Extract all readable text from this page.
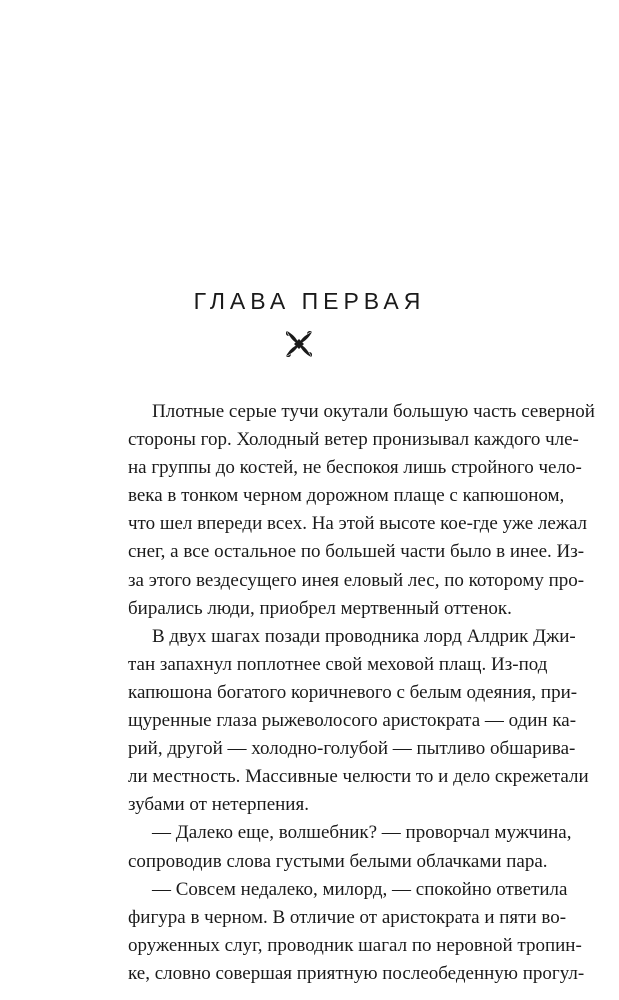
ГЛАВА ПЕРВАЯ
Плотные серые тучи окутали большую часть северной
стороны гор. Холодный ветер пронизывал каждого чле-
на группы до костей, не беспокоя лишь стройного чело-
века в тонком черном дорожном плаще с капюшоном,
что шел впереди всех. На этой высоте кое-где уже лежал
снег, а все остальное по большей части было в инее. Из-
за этого вездесущего инея еловый лес, по которому про-
бирались люди, приобрел мертвенный оттенок.
В двух шагах позади проводника лорд Алдрик Джи-
тан запахнул поплотнее свой меховой плащ. Из-под
капюшона богатого коричневого с белым одеяния, при-
щуренные глаза рыжеволосого аристократа — один ка-
рий, другой — холодно-голубой — пытливо обшарива-
ли местность. Массивные челюсти то и дело скрежетали
зубами от нетерпения.
— Далеко еще, волшебник? — проворчал мужчина,
сопроводив слова густыми белыми облачками пара.
— Совсем недалеко, милорд, — спокойно ответила
фигура в черном. В отличие от аристократа и пяти во-
оруженных слуг, проводник шагал по неровной тропин-
ке, словно совершая приятную послеобеденную прогул-
